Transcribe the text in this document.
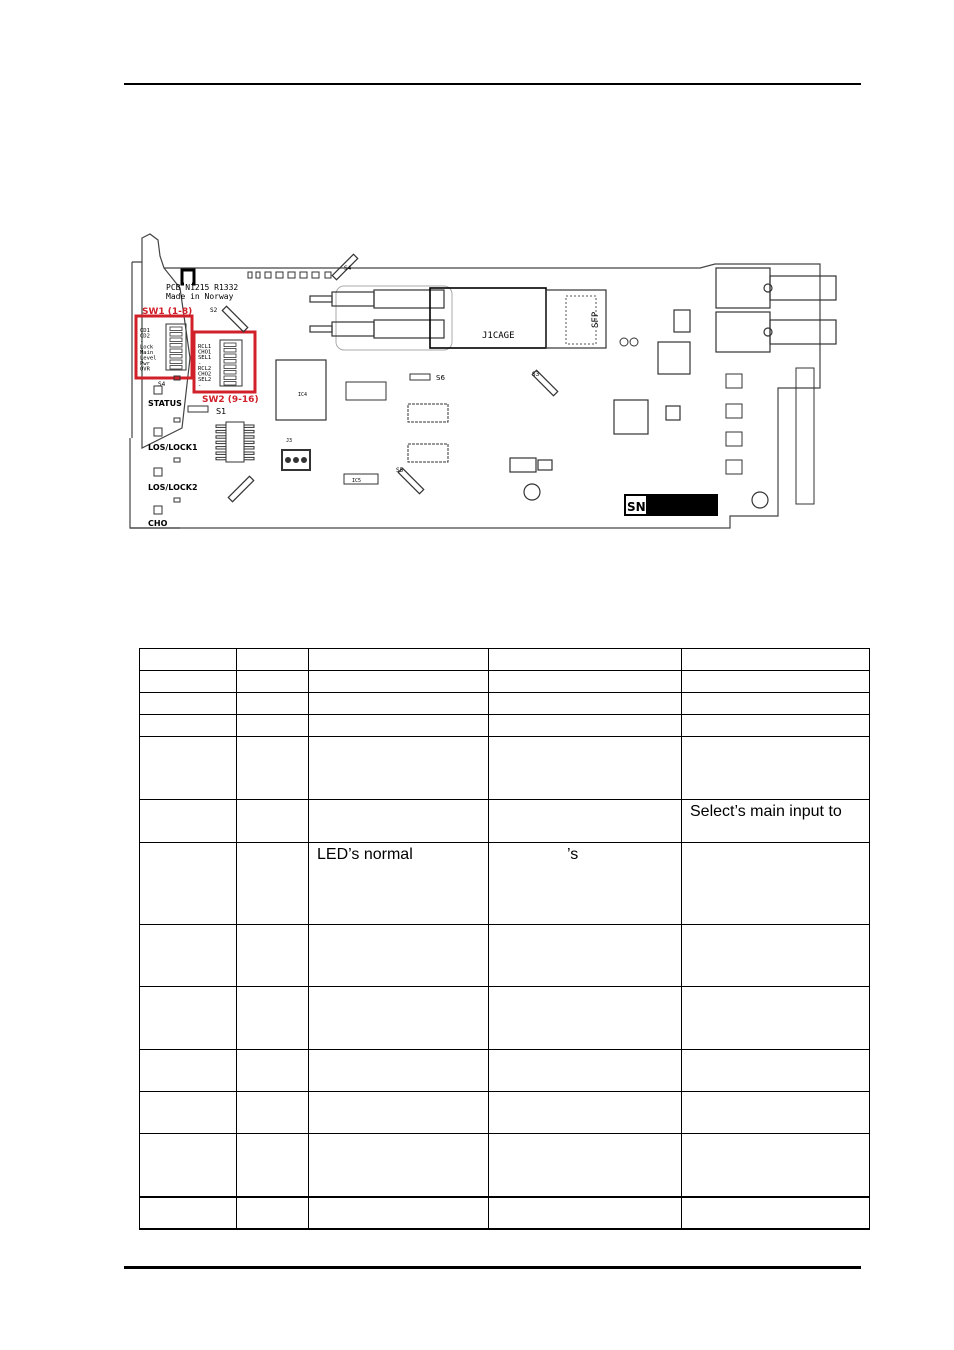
PCB N1215 R1332
Made in Norway
SW1 (1-8)
CD1
CD2
-
Lock
Main
Level
Pwr
OVR
S4
SW2 (9-16)
RCL1
CHO1
SEL1
-
RCL2
CHO2
SEL2
-
STATUS
LOS/LOCK1
LOS/LOCK2
CHO
S1
IC4
J3
J1CAGE
SFP
IC5
S6
S2
S4
S3
S5
SN

				Select’s main input to
		LED’s normal	’s	
